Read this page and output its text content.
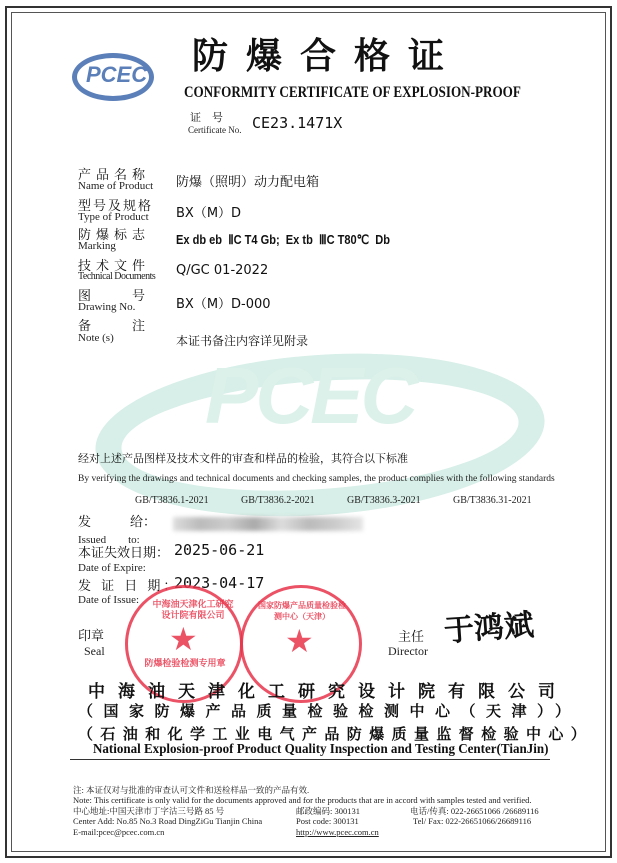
PCEC
PCEC 防爆合格证
CONFORMITY CERTIFICATE OF EXPLOSION-PROOF
证　号
Certificate No. CE23.1471X
产品名称
Name of Product 防爆（照明）动力配电箱
型号及规格
Type of Product BX（M）D
防爆标志
Marking	Ex db eb  ⅡC T4 Gb;  Ex tb  ⅢC T80℃  Db
技术文件
Technical Documents Q/GC 01-2022
图　　号
Drawing No.	BX（M）D-000
备　　注
Note (s)	本证书备注内容详见附录
经对上述产品图样及技术文件的审查和样品的检验，其符合以下标准
By verifying the drawings and technical documents and checking samples, the product complies with the following standards
GB/T3836.1-2021	GB/T3836.2-2021	GB/T3836.3-2021	GB/T3836.31-2021
发　　　给：
Issued　　to:
本证失效日期：
Date of Expire:
2025-06-21
发 证 日 期：
Date of Issue:
2023-04-17
印章
Seal
主任
Director
于鸿斌
中海油天津化工研究设计院有限公司
★
防爆检验检测专用章
国家防爆产品质量检验检测中心（天津）
★
中海油天津化工研究设计院有限公司
（国家防爆产品质量检验检测中心（天津））
（石油和化学工业电气产品防爆质量监督检验中心）
National Explosion-proof Product Quality Inspection and Testing Center(TianJin)
注: 本证仅对与批准的审查认可文件和送检样品一致的产品有效.
Note: This certificate is only valid for the documents approved and for the products that are in accord with samples tested and verified.
中心地址:中国天津市丁字沽三号路 85 号	邮政编码: 300131	电话/传真: 022-26651066 /26689116
Center Add: No.85 No.3 Road DingZiGu Tianjin China	Post code: 300131	Tel/ Fax: 022-26651066/26689116
E-mail:pcec@pcec.com.cn	http://www.pcec.com.cn
